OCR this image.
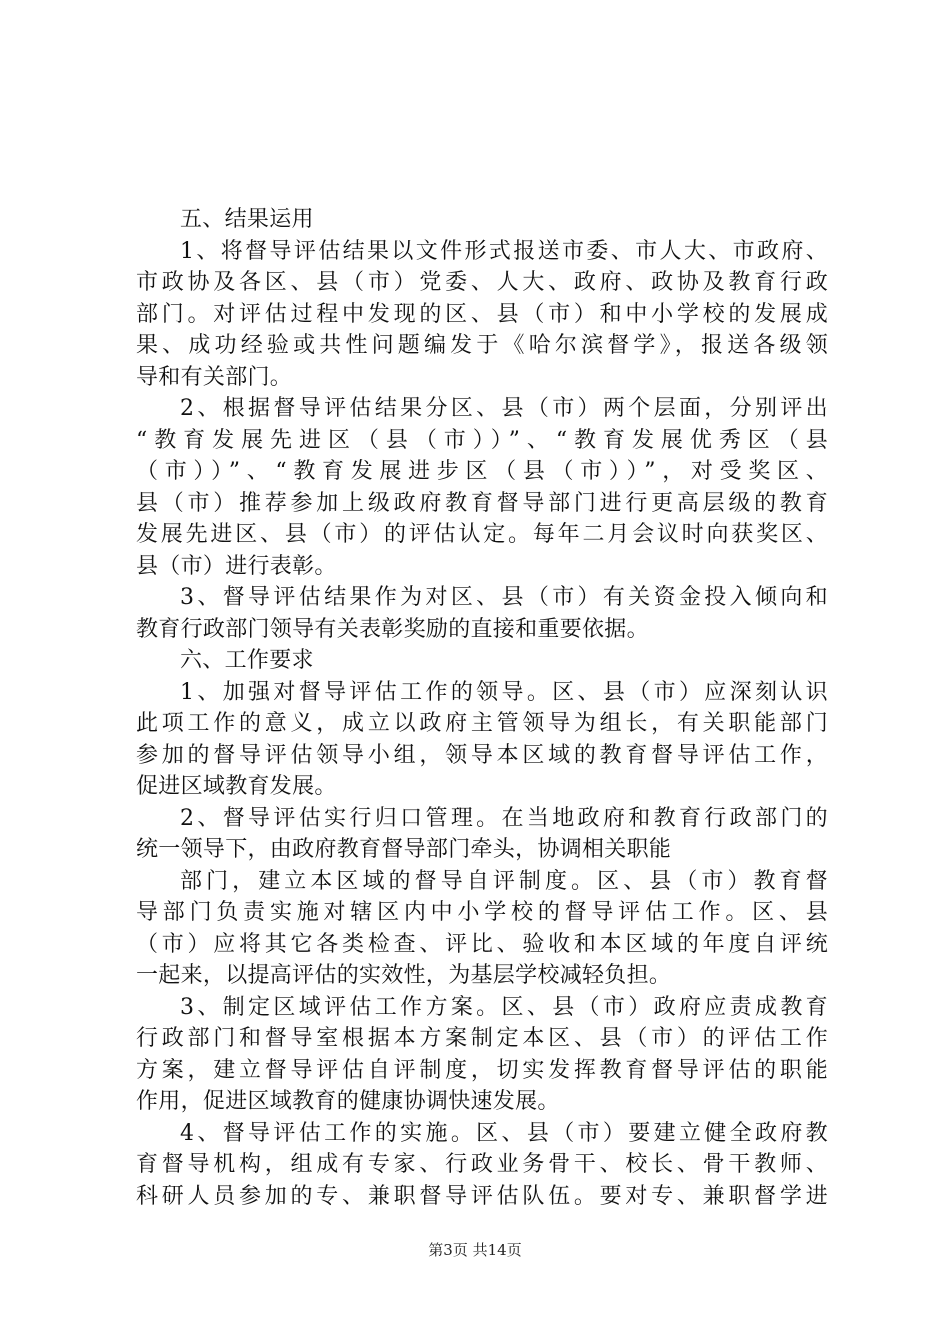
五、结果运用
1、将督导评估结果以文件形式报送市委、市人大、市政府、
市政协及各区、县（市）党委、人大、政府、政协及教育行政
部门。对评估过程中发现的区、县（市）和中小学校的发展成
果、成功经验或共性问题编发于《哈尔滨督学》，报送各级领
导和有关部门。
2、根据督导评估结果分区、县（市）两个层面，分别评出
“教育发展先进区（县（市））”、“教育发展优秀区（县
（市））”、“教育发展进步区（县（市））”，对受奖区、
县（市）推荐参加上级政府教育督导部门进行更高层级的教育
发展先进区、县（市）的评估认定。每年二月会议时向获奖区、
县（市）进行表彰。
3、督导评估结果作为对区、县（市）有关资金投入倾向和
教育行政部门领导有关表彰奖励的直接和重要依据。
六、工作要求
1、加强对督导评估工作的领导。区、县（市）应深刻认识
此项工作的意义，成立以政府主管领导为组长，有关职能部门
参加的督导评估领导小组，领导本区域的教育督导评估工作，
促进区域教育发展。
2、督导评估实行归口管理。在当地政府和教育行政部门的
统一领导下，由政府教育督导部门牵头，协调相关职能
部门，建立本区域的督导自评制度。区、县（市）教育督
导部门负责实施对辖区内中小学校的督导评估工作。区、县
（市）应将其它各类检查、评比、验收和本区域的年度自评统
一起来，以提高评估的实效性，为基层学校减轻负担。
3、制定区域评估工作方案。区、县（市）政府应责成教育
行政部门和督导室根据本方案制定本区、县（市）的评估工作
方案，建立督导评估自评制度，切实发挥教育督导评估的职能
作用，促进区域教育的健康协调快速发展。
4、督导评估工作的实施。区、县（市）要建立健全政府教
育督导机构，组成有专家、行政业务骨干、校长、骨干教师、
科研人员参加的专、兼职督导评估队伍。要对专、兼职督学进
第3页 共14页
